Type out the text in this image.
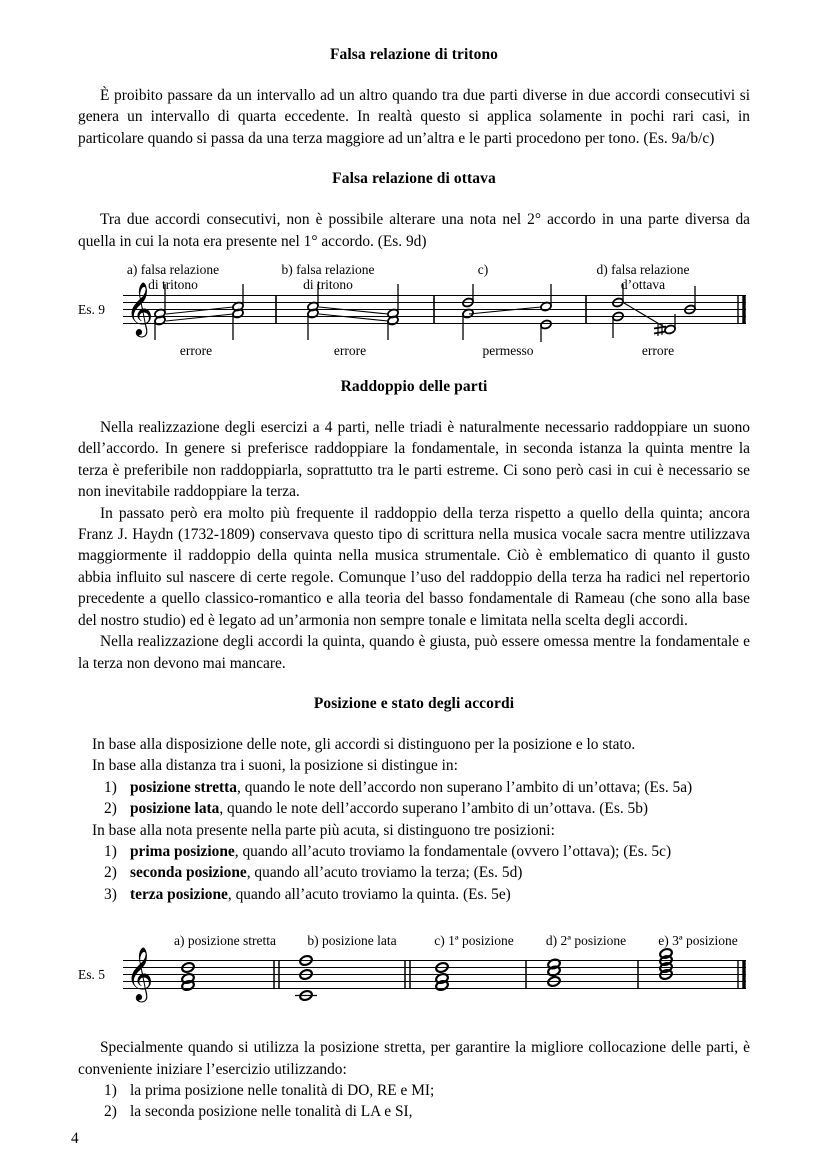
Falsa relazione di tritono

È proibito passare da un intervallo ad un altro quando tra due parti diverse in due accordi consecutivi si genera un intervallo di quarta eccedente. In realtà questo si applica solamente in pochi rari casi, in particolare quando si passa da una terza maggiore ad un’altra e le parti procedono per tono. (Es. 9a/b/c)

Falsa relazione di ottava

Tra due accordi consecutivi, non è possibile alterare una nota nel 2° accordo in una parte diversa da quella in cui la nota era presente nel 1° accordo. (Es. 9d)

Es. 9
a) falsa relazione
di tritono
b) falsa relazione
di tritono
c)	d) falsa relazione
d’ottava
errore	errore	permesso	errore
𝄞
Raddoppio delle parti

Nella realizzazione degli esercizi a 4 parti, nelle triadi è naturalmente necessario raddoppiare un suono dell’accordo. In genere si preferisce raddoppiare la fondamentale, in seconda istanza la quinta mentre la terza è preferibile non raddoppiarla, soprattutto tra le parti estreme. Ci sono però casi in cui è necessario se non inevitabile raddoppiare la terza.

In passato però era molto più frequente il raddoppio della terza rispetto a quello della quinta; ancora Franz J. Haydn (1732-1809) conservava questo tipo di scrittura nella musica vocale sacra mentre utilizzava maggiormente il raddoppio della quinta nella musica strumentale. Ciò è emblematico di quanto il gusto abbia influito sul nascere di certe regole. Comunque l’uso del raddoppio della terza ha radici nel repertorio precedente a quello classico-romantico e alla teoria del basso fondamentale di Rameau (che sono alla base del nostro studio) ed è legato ad un’armonia non sempre tonale e limitata nella scelta degli accordi.

Nella realizzazione degli accordi la quinta, quando è giusta, può essere omessa mentre la fondamentale e la terza non devono mai mancare.

Posizione e stato degli accordi

In base alla disposizione delle note, gli accordi si distinguono per la posizione e lo stato.

In base alla distanza tra i suoni, la posizione si distingue in:

1) posizione stretta, quando le note dell’accordo non superano l’ambito di un’ottava; (Es. 5a)
2) posizione lata, quando le note dell’accordo superano l’ambito di un’ottava. (Es. 5b)

In base alla nota presente nella parte più acuta, si distinguono tre posizioni:

1) prima posizione, quando all’acuto troviamo la fondamentale (ovvero l’ottava); (Es. 5c)
2) seconda posizione, quando all’acuto troviamo la terza; (Es. 5d)
3) terza posizione, quando all’acuto troviamo la quinta. (Es. 5e)
Es. 5
a) posizione stretta b) posizione lata	c) 1ª posizione d) 2ª posizione e) 3ª posizione
𝄞

Specialmente quando si utilizza la posizione stretta, per garantire la migliore collocazione delle parti, è conveniente iniziare l’esercizio utilizzando:

1) la prima posizione nelle tonalità di DO, RE e MI;
2) la seconda posizione nelle tonalità di LA e SI,
4
